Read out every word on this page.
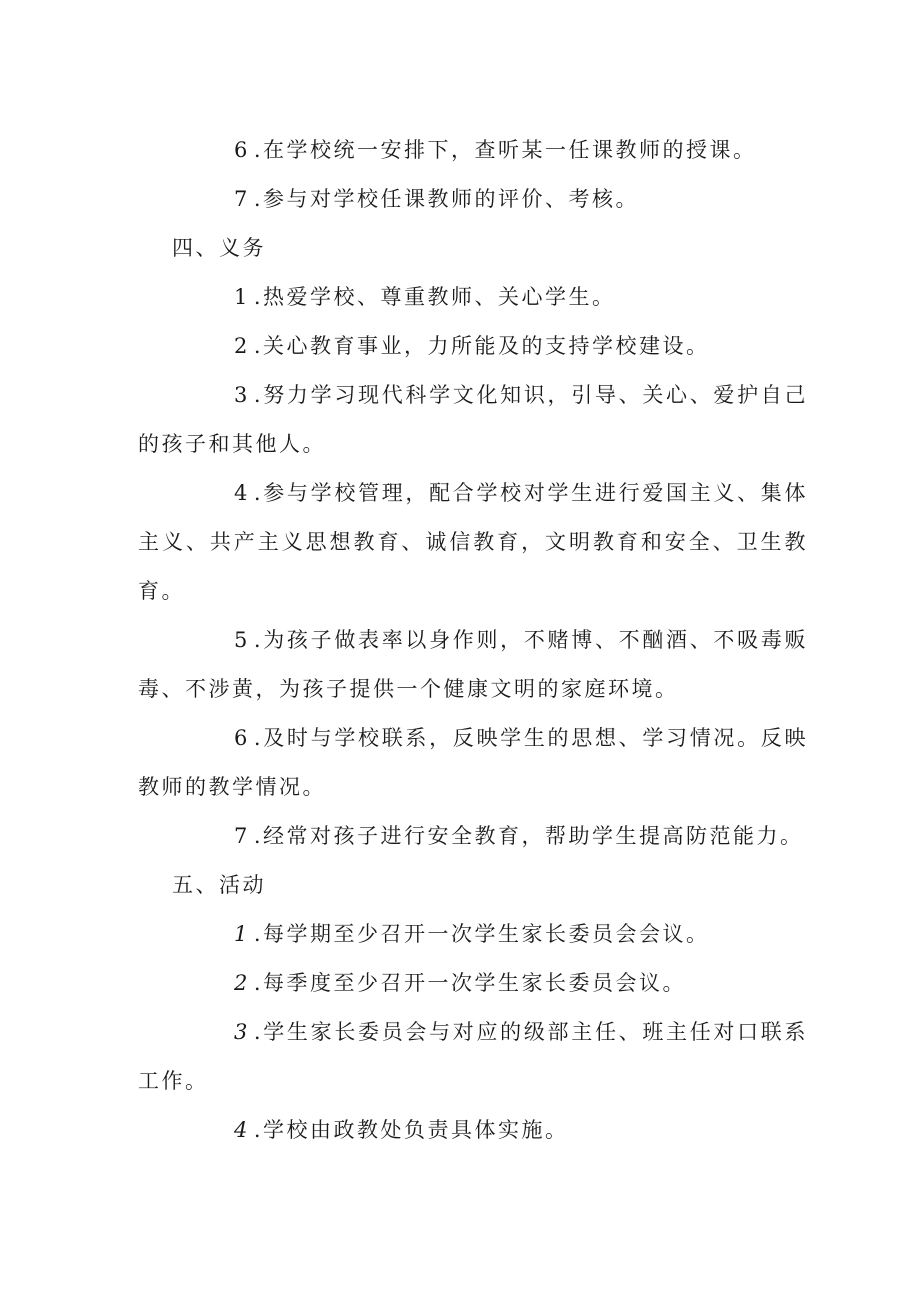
6 .在学校统一安排下，查听某一任课教师的授课。

7 .参与对学校任课教师的评价、考核。

四、义务

1 .热爱学校、尊重教师、关心学生。

2 .关心教育事业，力所能及的支持学校建设。

3 .努力学习现代科学文化知识，引导、关心、爱护自己的孩子和其他人。

4 .参与学校管理，配合学校对学生进行爱国主义、集体主义、共产主义思想教育、诚信教育，文明教育和安全、卫生教育。

5 .为孩子做表率以身作则，不赌博、不酗酒、不吸毒贩毒、不涉黄，为孩子提供一个健康文明的家庭环境。

6 .及时与学校联系，反映学生的思想、学习情况。反映教师的教学情况。

7 .经常对孩子进行安全教育，帮助学生提高防范能力。

五、活动

1 .每学期至少召开一次学生家长委员会会议。

2 .每季度至少召开一次学生家长委员会议。

3 .学生家长委员会与对应的级部主任、班主任对口联系工作。

4 .学校由政教处负责具体实施。
